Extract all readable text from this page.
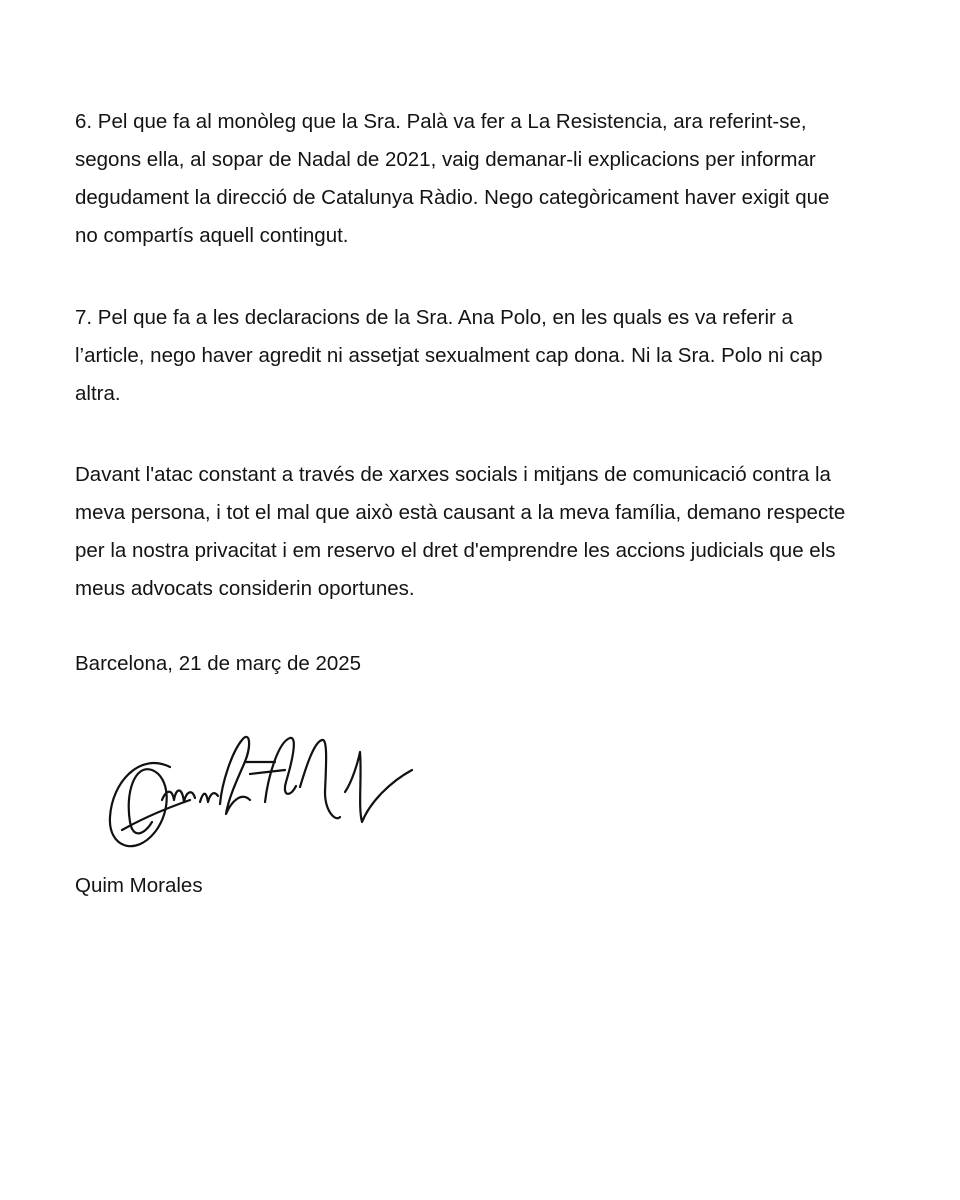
6. Pel que fa al monòleg que la Sra. Palà va fer a La Resistencia, ara referint-se,
segons ella, al sopar de Nadal de 2021, vaig demanar-li explicacions per informar
degudament la direcció de Catalunya Ràdio. Nego categòricament haver exigit que
no compartís aquell contingut.

7. Pel que fa a les declaracions de la Sra. Ana Polo, en les quals es va referir a
l’article, nego haver agredit ni assetjat sexualment cap dona. Ni la Sra. Polo ni cap
altra.

Davant l'atac constant a través de xarxes socials i mitjans de comunicació contra la
meva persona, i tot el mal que això està causant a la meva família, demano respecte
per la nostra privacitat i em reservo el dret d'emprendre les accions judicials que els
meus advocats considerin oportunes.

Barcelona, 21 de març de 2025

Quim Morales
